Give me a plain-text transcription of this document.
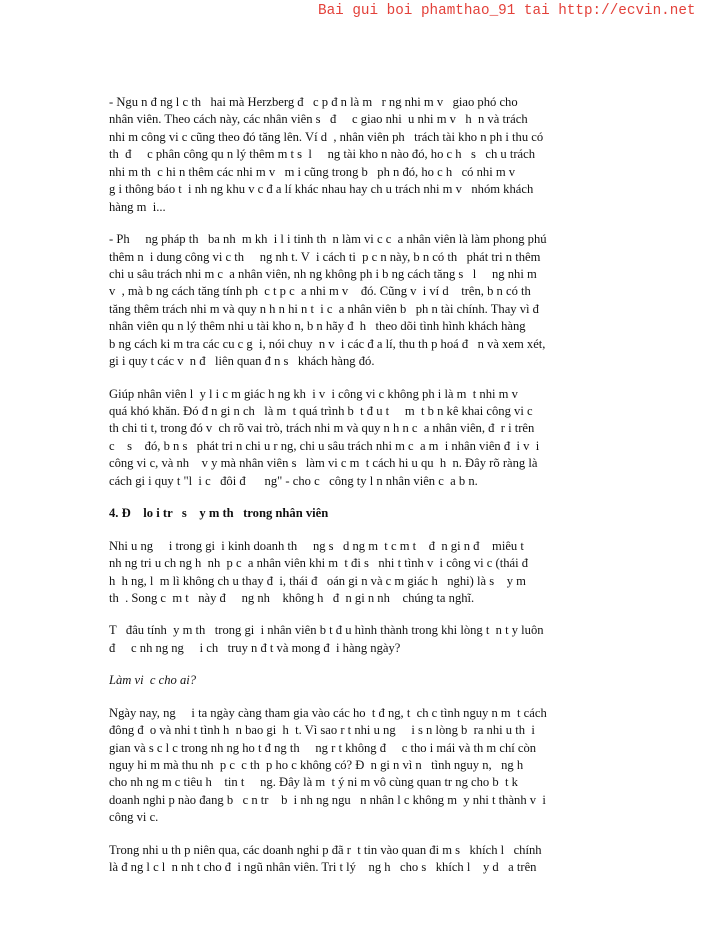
Bai gui boi phamthao_91 tai http://ecvin.net
- Ngu n đ ng l c th   hai mà Herzberg đ   c p đ n là m   r ng nhi m v   giao phó cho
nhân viên. Theo cách này, các nhân viên s   đ     c giao nhi  u nhi m v   h  n và trách
nhi m công vi c cũng theo đó tăng lên. Ví d  , nhân viên ph   trách tài kho n ph i thu có
th  đ     c phân công qu n lý thêm m t s  l     ng tài kho n nào đó, ho c h   s   ch u trách
nhi m th  c hi n thêm các nhi m v   m i cũng trong b   ph n đó, ho c h   có nhi m v
g i thông báo t  i nh ng khu v c đ a lí khác nhau hay ch u trách nhi m v   nhóm khách
hàng m  i...
- Ph     ng pháp th   ba nh  m kh  i l i tinh th  n làm vi c c  a nhân viên là làm phong phú
thêm n  i dung công vi c th     ng nh t. V  i cách ti  p c n này, b n có th   phát tri n thêm
chi u sâu trách nhi m c  a nhân viên, nh ng không ph i b ng cách tăng s   l     ng nhi m
v  , mà b ng cách tăng tính ph  c t p c  a nhi m v    đó. Cũng v  i ví d    trên, b n có th
tăng thêm trách nhi m và quy n h n hi n t  i c  a nhân viên b   ph n tài chính. Thay vì đ
nhân viên qu n lý thêm nhi u tài kho n, b n hãy đ  h   theo dõi tình hình khách hàng
b ng cách ki m tra các cu c g  i, nói chuy  n v  i các đ a lí, thu th p hoá đ   n và xem xét,
gi i quy t các v  n đ   liên quan đ n s   khách hàng đó.
Giúp nhân viên l  y l i c m giác h ng kh  i v  i công vi c không ph i là m  t nhi m v
quá khó khăn. Đó đ n gi n ch   là m  t quá trình b  t đ u t     m  t b n kê khai công vi c
th chi ti t, trong đó v  ch rõ vai trò, trách nhi m và quy n h n c  a nhân viên, đ  r i trên
c    s    đó, b n s   phát tri n chi u r ng, chi u sâu trách nhi m c  a m  i nhân viên đ  i v  i
công vi c, và nh    v y mà nhân viên s   làm vi c m  t cách hi u qu  h  n. Đây rõ ràng là
cách gi i quy t "l  i c   đôi đ      ng" - cho c   công ty l n nhân viên c  a b n.
4. Đ    lo i tr   s    y m th   trong nhân viên
Nhi u ng     i trong gi  i kinh doanh th     ng s   d ng m  t c m t    đ  n gi n đ    miêu t
nh ng tri u ch ng h  nh  p c  a nhân viên khi m  t đi s   nhi t tình v  i công vi c (thái đ
h  h ng, l  m lì không ch u thay đ  i, thái đ   oán gi n và c m giác h   nghi) là s    y m
th  . Song c  m t   này đ     ng nh    không h   đ  n gi n nh    chúng ta nghĩ.
T   đâu tính  y m th   trong gi  i nhân viên b t đ u hình thành trong khi lòng t  n t y luôn
đ     c nh ng ng     i ch   truy n đ t và mong đ  i hàng ngày?
Làm vi  c cho ai?
Ngày nay, ng     i ta ngày càng tham gia vào các ho  t đ ng, t  ch c tình nguy n m  t cách
đông đ  o và nhi t tình h  n bao gi  h  t. Vì sao r t nhi u ng     i s n lòng b  ra nhi u th  i
gian và s c l c trong nh ng ho t đ ng th     ng r t không đ     c tho i mái và th m chí còn
nguy hi m mà thu nh  p c  c th  p ho c không có? Đ  n gi n vì n   tình nguy n,   ng h
cho nh ng m c tiêu h    tin t     ng. Đây là m  t ý ni m vô cùng quan tr ng cho b  t k
doanh nghi p nào đang b   c n tr    b  i nh ng ngu   n nhân l c không m  y nhi t thành v  i
công vi c.
Trong nhi u th p niên qua, các doanh nghi p đã r  t tin vào quan đi m s   khích l   chính
là đ ng l c l  n nh t cho đ  i ngũ nhân viên. Tri t lý    ng h   cho s   khích l    y d   a trên
